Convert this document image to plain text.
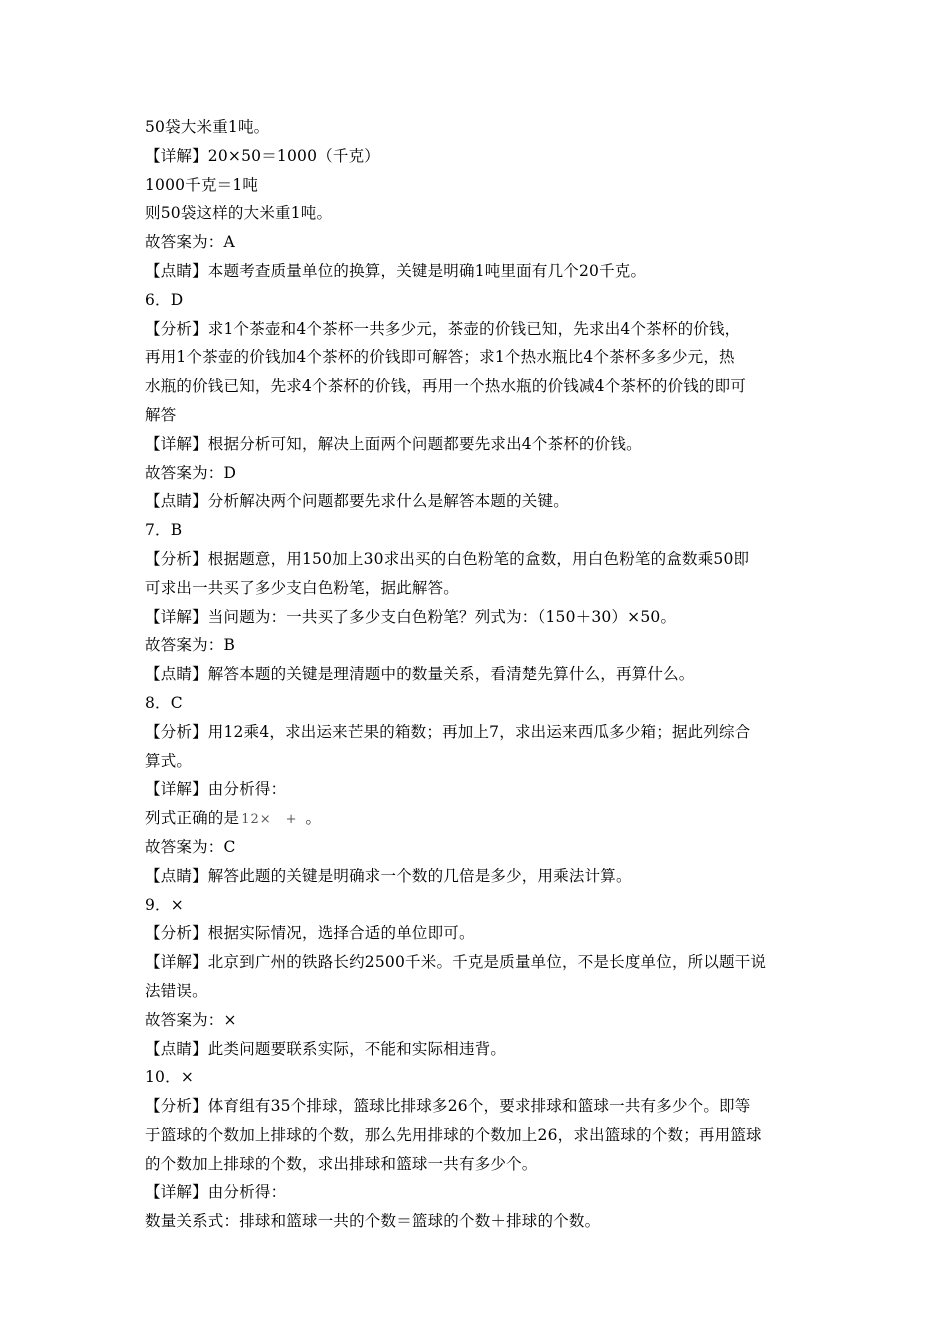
50袋大米重1吨。
【详解】20×50＝1000（千克）
1000千克＝1吨
则50袋这样的大米重1吨。
故答案为：A
【点睛】本题考查质量单位的换算，关键是明确1吨里面有几个20千克。
6．D
【分析】求1个茶壶和4个茶杯一共多少元，茶壶的价钱已知，先求出4个茶杯的价钱，
再用1个茶壶的价钱加4个茶杯的价钱即可解答；求1个热水瓶比4个茶杯多多少元，热
水瓶的价钱已知，先求4个茶杯的价钱，再用一个热水瓶的价钱减4个茶杯的价钱的即可
解答
【详解】根据分析可知，解决上面两个问题都要先求出4个茶杯的价钱。
故答案为：D
【点睛】分析解决两个问题都要先求什么是解答本题的关键。
7．B
【分析】根据题意，用150加上30求出买的白色粉笔的盒数，用白色粉笔的盒数乘50即
可求出一共买了多少支白色粉笔，据此解答。
【详解】当问题为：一共买了多少支白色粉笔？列式为：（150＋30）×50。
故答案为：B
【点睛】解答本题的关键是理清题中的数量关系，看清楚先算什么，再算什么。
8．C
【分析】用12乘4，求出运来芒果的箱数；再加上7，求出运来西瓜多少箱；据此列综合
算式。
【详解】由分析得：
列式正确的是 12× + 。
故答案为：C
【点睛】解答此题的关键是明确求一个数的几倍是多少，用乘法计算。
9．×
【分析】根据实际情况，选择合适的单位即可。
【详解】北京到广州的铁路长约2500千米。千克是质量单位，不是长度单位，所以题干说
法错误。
故答案为：×
【点睛】此类问题要联系实际，不能和实际相违背。
10．×
【分析】体育组有35个排球，篮球比排球多26个，要求排球和篮球一共有多少个。即等
于篮球的个数加上排球的个数，那么先用排球的个数加上26，求出篮球的个数；再用篮球
的个数加上排球的个数，求出排球和篮球一共有多少个。
【详解】由分析得：
数量关系式：排球和篮球一共的个数＝篮球的个数＋排球的个数。
